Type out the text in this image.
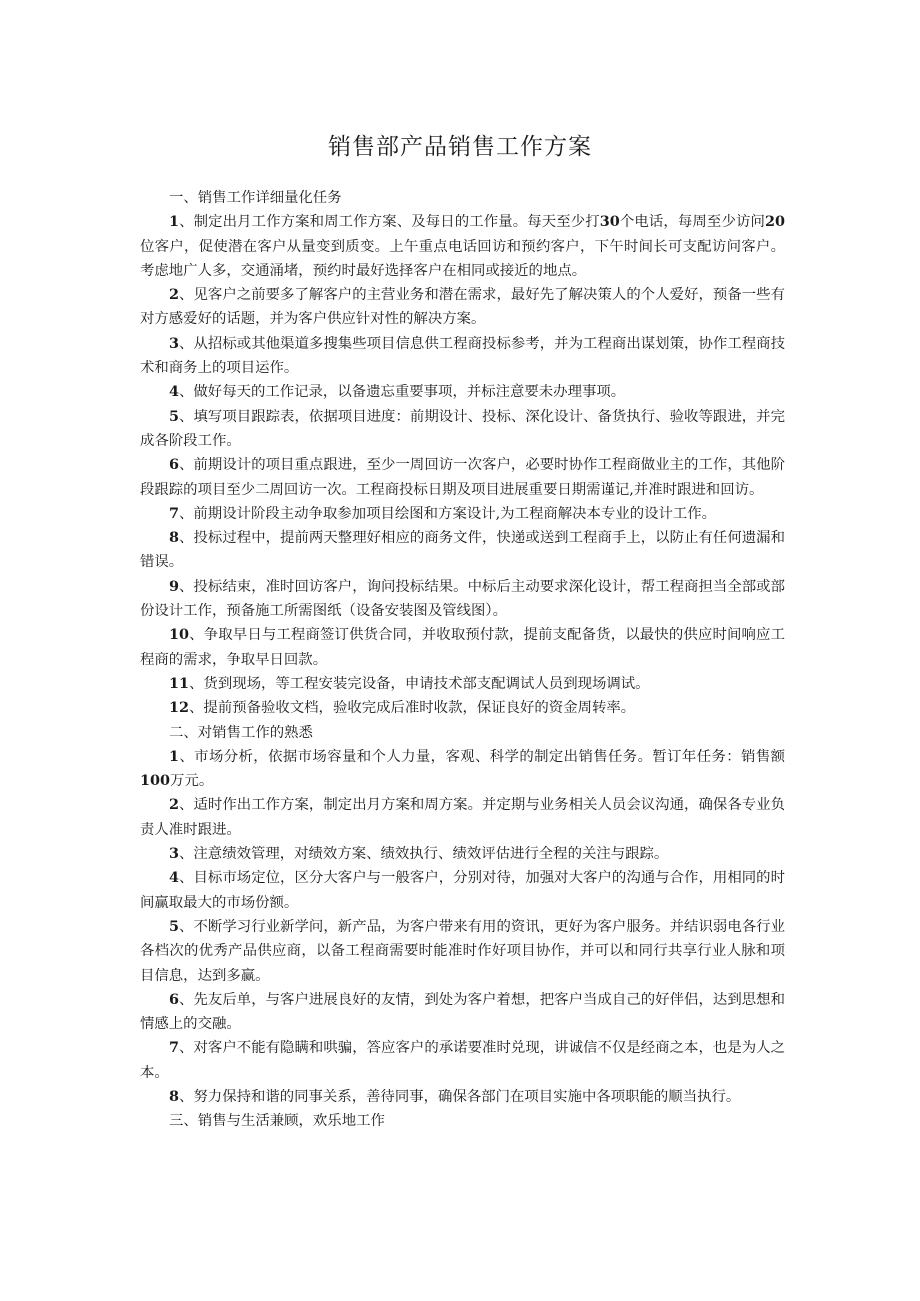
销售部产品销售工作方案

一、销售工作详细量化任务

1、制定出月工作方案和周工作方案、及每日的工作量。每天至少打30个电话，每周至少访问20位客户，促使潜在客户从量变到质变。上午重点电话回访和预约客户，下午时间长可支配访问客户。考虑地广人多，交通涌堵，预约时最好选择客户在相同或接近的地点。

2、见客户之前要多了解客户的主营业务和潜在需求，最好先了解决策人的个人爱好，预备一些有对方感爱好的话题，并为客户供应针对性的解决方案。

3、从招标或其他渠道多搜集些项目信息供工程商投标参考，并为工程商出谋划策，协作工程商技术和商务上的项目运作。

4、做好每天的工作记录，以备遗忘重要事项，并标注意要未办理事项。

5、填写项目跟踪表，依据项目进度：前期设计、投标、深化设计、备货执行、验收等跟进，并完成各阶段工作。

6、前期设计的项目重点跟进，至少一周回访一次客户，必要时协作工程商做业主的工作，其他阶段跟踪的项目至少二周回访一次。工程商投标日期及项目进展重要日期需谨记,并准时跟进和回访。

7、前期设计阶段主动争取参加项目绘图和方案设计,为工程商解决本专业的设计工作。

8、投标过程中，提前两天整理好相应的商务文件，快递或送到工程商手上，以防止有任何遗漏和错误。

9、投标结束，准时回访客户，询问投标结果。中标后主动要求深化设计，帮工程商担当全部或部份设计工作，预备施工所需图纸（设备安装图及管线图）。

10、争取早日与工程商签订供货合同，并收取预付款，提前支配备货，以最快的供应时间响应工程商的需求，争取早日回款。

11、货到现场，等工程安装完设备，申请技术部支配调试人员到现场调试。

12、提前预备验收文档，验收完成后准时收款，保证良好的资金周转率。

二、对销售工作的熟悉

1、市场分析，依据市场容量和个人力量，客观、科学的制定出销售任务。暂订年任务：销售额100万元。

2、适时作出工作方案，制定出月方案和周方案。并定期与业务相关人员会议沟通，确保各专业负责人准时跟进。

3、注意绩效管理，对绩效方案、绩效执行、绩效评估进行全程的关注与跟踪。

4、目标市场定位，区分大客户与一般客户，分别对待，加强对大客户的沟通与合作，用相同的时间赢取最大的市场份额。

5、不断学习行业新学问，新产品，为客户带来有用的资讯，更好为客户服务。并结识弱电各行业各档次的优秀产品供应商，以备工程商需要时能准时作好项目协作，并可以和同行共享行业人脉和项目信息，达到多赢。

6、先友后单，与客户进展良好的友情，到处为客户着想，把客户当成自己的好伴侣，达到思想和情感上的交融。

7、对客户不能有隐瞒和哄骗，答应客户的承诺要准时兑现，讲诚信不仅是经商之本，也是为人之本。

8、努力保持和谐的同事关系，善待同事，确保各部门在项目实施中各项职能的顺当执行。

三、销售与生活兼顾，欢乐地工作
